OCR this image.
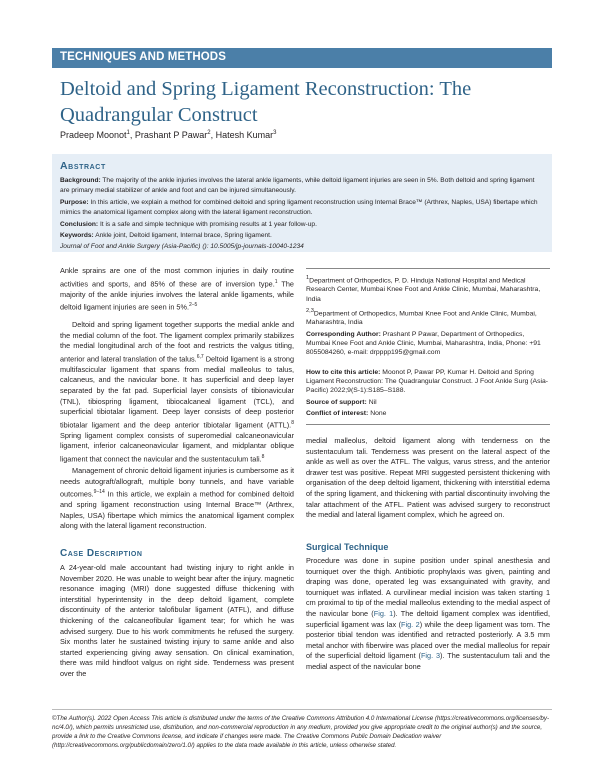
TECHNIQUES AND METHODS
Deltoid and Spring Ligament Reconstruction: The Quadrangular Construct
Pradeep Moonot$^1$, Prashant P Pawar$^2$, Hatesh Kumar$^3$
Abstract

Background: The majority of the ankle injuries involves the lateral ankle ligaments, while deltoid ligament injuries are seen in 5%. Both deltoid and spring ligament are primary medial stabilizer of ankle and foot and can be injured simultaneously.

Purpose: In this article, we explain a method for combined deltoid and spring ligament reconstruction using Internal Brace™ (Arthrex, Naples, USA) fibertape which mimics the anatomical ligament complex along with the lateral ligament reconstruction.

Conclusion: It is a safe and simple technique with promising results at 1 year follow-up.

Keywords: Ankle joint, Deltoid ligament, Internal brace, Spring ligament.

Journal of Foot and Ankle Surgery (Asia-Pacific) (): 10.5005/jp-journals-10040-1234

Ankle sprains are one of the most common injuries in daily routine activities and sports, and 85% of these are of inversion type.$^1$ The majority of the ankle injuries involves the lateral ankle ligaments, while deltoid ligament injuries are seen in 5%.$^{2-5}$

Deltoid and spring ligament together supports the medial ankle and the medial column of the foot. The ligament complex primarily stabilizes the medial longitudinal arch of the foot and restricts the valgus titling, anterior and lateral translation of the talus.$^{6,7}$ Deltoid ligament is a strong multifascicular ligament that spans from medial malleolus to talus, calcaneus, and the navicular bone. It has superficial and deep layer separated by the fat pad. Superficial layer consists of tibionavicular (TNL), tibiospring ligament, tibiocalcaneal ligament (TCL), and superficial tibiotalar ligament. Deep layer consists of deep posterior tibiotalar ligament and the deep anterior tibiotalar ligament (ATTL).$^8$ Spring ligament complex consists of superomedial calcaneonavicular ligament, inferior calcaneonavicular ligament, and midplantar oblique ligament that connect the navicular and the sustentaculum tali.$^8$

Management of chronic deltoid ligament injuries is cumbersome as it needs autograft/allograft, multiple bony tunnels, and have variable outcomes.$^{9-14}$ In this article, we explain a method for combined deltoid and spring ligament reconstruction using Internal Brace™ (Arthrex, Naples, USA) fibertape which mimics the anatomical ligament complex along with the lateral ligament reconstruction.

Case Description

A 24-year-old male accountant had twisting injury to right ankle in November 2020. He was unable to weight bear after the injury. magnetic resonance imaging (MRI) done suggested diffuse thickening with interstitial hyperintensity in the deep deltoid ligament, complete discontinuity of the anterior talofibular ligament (ATFL), and diffuse thickening of the calcaneofibular ligament tear; for which he was advised surgery. Due to his work commitments he refused the surgery. Six months later he sustained twisting injury to same ankle and also started experiencing giving away sensation. On clinical examination, there was mild hindfoot valgus on right side. Tenderness was present over the

$^1$Department of Orthopedics, P. D. Hinduja National Hospital and Medical Research Center, Mumbai Knee Foot and Ankle Clinic, Mumbai, Maharashtra, India

$^{2,3}$Department of Orthopedics, Mumbai Knee Foot and Ankle Clinic, Mumbai, Maharashtra, India

Corresponding Author: Prashant P Pawar, Department of Orthopedics, Mumbai Knee Foot and Ankle Clinic, Mumbai, Maharashtra, India, Phone: +91 8055084260, e-mail: drpppp195@gmail.com

How to cite this article: Moonot P, Pawar PP, Kumar H. Deltoid and Spring Ligament Reconstruction: The Quadrangular Construct. J Foot Ankle Surg (Asia-Pacific) 2022;9(S-1):S185–S188.

Source of support: Nil

Conflict of interest: None

medial malleolus, deltoid ligament along with tenderness on the sustentaculum tali. Tenderness was present on the lateral aspect of the ankle as well as over the ATFL. The valgus, varus stress, and the anterior drawer test was positive. Repeat MRI suggested persistent thickening with organisation of the deep deltoid ligament, thickening with interstitial edema of the spring ligament, and thickening with partial discontinuity involving the talar attachment of the ATFL. Patient was advised surgery to reconstruct the medial and lateral ligament complex, which he agreed on.

Surgical Technique

Procedure was done in supine position under spinal anesthesia and tourniquet over the thigh. Antibiotic prophylaxis was given, painting and draping was done, operated leg was exsanguinated with gravity, and tourniquet was inflated. A curvilinear medial incision was taken starting 1 cm proximal to tip of the medial malleolus extending to the medial aspect of the navicular bone (Fig. 1). The deltoid ligament complex was identified, superficial ligament was lax (Fig. 2) while the deep ligament was torn. The posterior tibial tendon was identified and retracted posteriorly. A 3.5 mm metal anchor with fiberwire was placed over the medial malleolus for repair of the superficial deltoid ligament (Fig. 3). The sustentaculum tali and the medial aspect of the navicular bone

©The Author(s). 2022 Open Access This article is distributed under the terms of the Creative Commons Attribution 4.0 International License (https://creativecommons.org/licenses/by-nc/4.0/), which permits unrestricted use, distribution, and non-commercial reproduction in any medium, provided you give appropriate credit to the original author(s) and the source, provide a link to the Creative Commons license, and indicate if changes were made. The Creative Commons Public Domain Dedication waiver (http://creativecommons.org/publicdomain/zero/1.0/) applies to the data made available in this article, unless otherwise stated.
